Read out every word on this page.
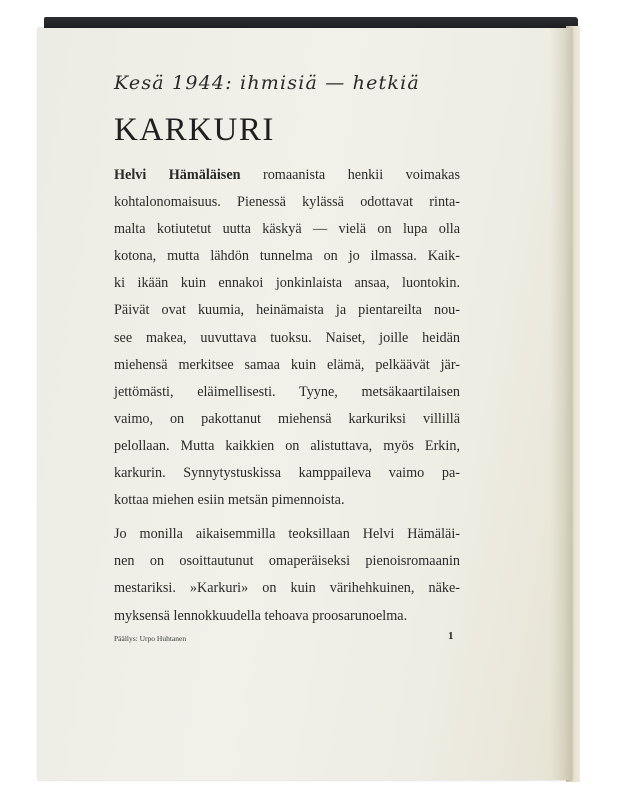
Kesä 1944: ihmisiä — hetkiä
KARKURI
Helvi Hämäläisen romaanista henkii voimakas
kohtalonomaisuus. Pienessä kylässä odottavat rinta-
malta kotiutetut uutta käskyä — vielä on lupa olla
kotona, mutta lähdön tunnelma on jo ilmassa. Kaik-
ki ikään kuin ennakoi jonkinlaista ansaa, luontokin.
Päivät ovat kuumia, heinämaista ja pientareilta nou-
see makea, uuvuttava tuoksu. Naiset, joille heidän
miehensä merkitsee samaa kuin elämä, pelkäävät jär-
jettömästi, eläimellisesti. Tyyne, metsäkaartilaisen
vaimo, on pakottanut miehensä karkuriksi villillä
pelollaan. Mutta kaikkien on alistuttava, myös Erkin,
karkurin. Synnytystuskissa kamppaileva vaimo pa-
kottaa miehen esiin metsän pimennoista.
Jo monilla aikaisemmilla teoksillaan Helvi Hämäläi-
nen on osoittautunut omaperäiseksi pienoisromaanin
mestariksi. »Karkuri» on kuin värihehkuinen, näke-
myksensä lennokkuudella tehoava proosarunoelma.
Päällys: Urpo Huhtanen	1
